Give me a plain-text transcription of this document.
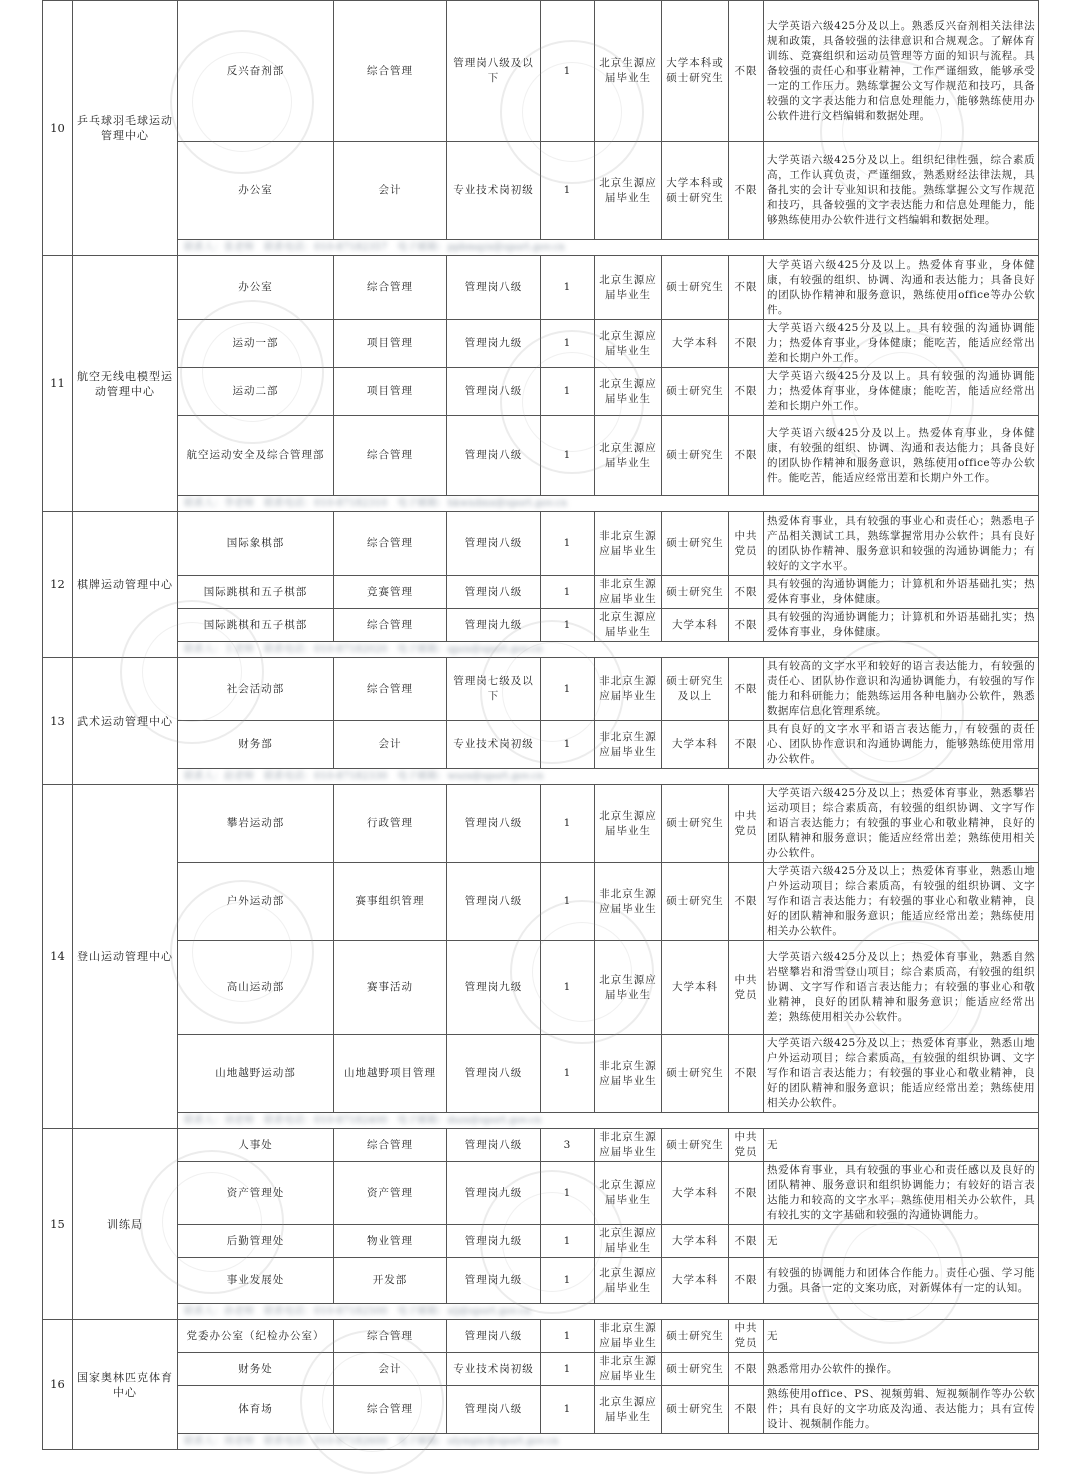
10	乒乓球羽毛球运动管理中心	反兴奋剂部	综合管理	管理岗八级及以下	1	北京生源应届毕业生	大学本科或硕士研究生	不限	大学英语六级425分及以上。熟悉反兴奋剂相关法律法规和政策，具备较强的法律意识和合规观念。了解体育训练、竞赛组织和运动员管理等方面的知识与流程。具备较强的责任心和事业精神，工作严谨细致，能够承受一定的工作压力。熟练掌握公文写作规范和技巧，具备较强的文字表达能力和信息处理能力，能够熟练使用办公软件进行文档编辑和数据处理。
		办公室	会计	专业技术岗初级	1	北京生源应届毕业生	大学本科或硕士研究生	不限	大学英语六级425分及以上。组织纪律性强，综合素质高，工作认真负责，严谨细致，熟悉财经法律法规，具备扎实的会计专业知识和技能。熟练掌握公文写作规范和技巧，具备较强的文字表达能力和信息处理能力，能够熟练使用办公软件进行文档编辑和数据处理。
		联系人：张老师　联系电话：010-87182357　电子邮箱：ppbmqzx@sport.gov.cn							
11	航空无线电模型运动管理中心	办公室	综合管理	管理岗八级	1	北京生源应届毕业生	硕士研究生	不限	大学英语六级425分及以上。热爱体育事业，身体健康，有较强的组织、协调、沟通和表达能力；具备良好的团队协作精神和服务意识，熟练使用office等办公软件。
		运动一部	项目管理	管理岗九级	1	北京生源应届毕业生	大学本科	不限	大学英语六级425分及以上。具有较强的沟通协调能力；热爱体育事业，身体健康；能吃苦，能适应经常出差和长期户外工作。
		运动二部	项目管理	管理岗八级	1	北京生源应届毕业生	硕士研究生	不限	大学英语六级425分及以上。具有较强的沟通协调能力；热爱体育事业，身体健康；能吃苦，能适应经常出差和长期户外工作。
		航空运动安全及综合管理部	综合管理	管理岗八级	1	北京生源应届毕业生	硕士研究生	不限	大学英语六级425分及以上。热爱体育事业，身体健康，有较强的组织、协调、沟通和表达能力；具备良好的团队协作精神和服务意识，熟练使用office等办公软件。能吃苦，能适应经常出差和长期户外工作。
		联系人：李老师　联系电话：010-87182310　电子邮箱：hkwxdmx@sport.gov.cn							
12	棋牌运动管理中心	国际象棋部	综合管理	管理岗八级	1	非北京生源应届毕业生	硕士研究生	中共党员	热爱体育事业，具有较强的事业心和责任心；熟悉电子产品相关测试工具，熟练掌握常用办公软件；具有良好的团队协作精神、服务意识和较强的沟通协调能力；有较好的文字水平。
		国际跳棋和五子棋部	竞赛管理	管理岗八级	1	非北京生源应届毕业生	硕士研究生	不限	具有较强的沟通协调能力；计算机和外语基础扎实；热爱体育事业，身体健康。
		国际跳棋和五子棋部	综合管理	管理岗九级	1	北京生源应届毕业生	大学本科	不限	具有较强的沟通协调能力；计算机和外语基础扎实；热爱体育事业，身体健康。
		联系人：王老师　联系电话：010-87182020　电子邮箱：qpzx@sport.gov.cn							
13	武术运动管理中心	社会活动部	综合管理	管理岗七级及以下	1	非北京生源应届毕业生	硕士研究生及以上	不限	具有较高的文字水平和较好的语言表达能力，有较强的责任心、团队协作意识和沟通协调能力，有较强的写作能力和科研能力；能熟练运用各种电脑办公软件，熟悉数据库信息化管理系统。
		财务部	会计	专业技术岗初级	1	非北京生源应届毕业生	大学本科	不限	具有良好的文字水平和语言表达能力，有较强的责任心、团队协作意识和沟通协调能力，能够熟练使用常用办公软件。
		联系人：赵老师　联系电话：010-87182330　电子邮箱：wszx@sport.gov.cn							
14	登山运动管理中心	攀岩运动部	行政管理	管理岗八级	1	北京生源应届毕业生	硕士研究生	中共党员	大学英语六级425分及以上；热爱体育事业，熟悉攀岩运动项目；综合素质高，有较强的组织协调、文字写作和语言表达能力；有较强的事业心和敬业精神，良好的团队精神和服务意识；能适应经常出差；熟练使用相关办公软件。
		户外运动部	赛事组织管理	管理岗八级	1	非北京生源应届毕业生	硕士研究生	不限	大学英语六级425分及以上；热爱体育事业，熟悉山地户外运动项目；综合素质高，有较强的组织协调、文字写作和语言表达能力；有较强的事业心和敬业精神，良好的团队精神和服务意识；能适应经常出差；熟练使用相关办公软件。
		高山运动部	赛事活动	管理岗九级	1	北京生源应届毕业生	大学本科	中共党员	大学英语六级425分及以上；热爱体育事业，熟悉自然岩壁攀岩和滑雪登山项目；综合素质高，有较强的组织协调、文字写作和语言表达能力；有较强的事业心和敬业精神，良好的团队精神和服务意识；能适应经常出差；熟练使用相关办公软件。
		山地越野运动部	山地越野项目管理	管理岗八级	1	非北京生源应届毕业生	硕士研究生	不限	大学英语六级425分及以上；热爱体育事业，熟悉山地户外运动项目；综合素质高，有较强的组织协调、文字写作和语言表达能力；有较强的事业心和敬业精神，良好的团队精神和服务意识；能适应经常出差；熟练使用相关办公软件。
		联系人：刘老师　联系电话：010-87182400　电子邮箱：dszx@sport.gov.cn							
15	训练局	人事处	综合管理	管理岗八级	3	非北京生源应届毕业生	硕士研究生	中共党员	无
		资产管理处	资产管理	管理岗九级	1	北京生源应届毕业生	大学本科	不限	热爱体育事业，具有较强的事业心和责任感以及良好的团队精神、服务意识和组织协调能力；有较好的语言表达能力和较高的文字水平；熟练使用相关办公软件，具有较扎实的文字基础和较强的沟通协调能力。
		后勤管理处	物业管理	管理岗九级	1	北京生源应届毕业生	大学本科	不限	无
		事业发展处	开发部	管理岗九级	1	北京生源应届毕业生	大学本科	不限	有较强的协调能力和团体合作能力。责任心强、学习能力强。具备一定的文案功底，对新媒体有一定的认知。
		联系人：孙老师　联系电话：010-87182500　电子邮箱：xlj@sport.gov.cn							
16	国家奥林匹克体育中心	党委办公室（纪检办公室）	综合管理	管理岗八级	1	非北京生源应届毕业生	硕士研究生	中共党员	无
		财务处	会计	专业技术岗初级	1	非北京生源应届毕业生	硕士研究生	不限	熟悉常用办公软件的操作。
		体育场	综合管理	管理岗八级	1	北京生源应届毕业生	硕士研究生	不限	熟练使用office、PS、视频剪辑、短视频制作等办公软件；具有良好的文字功底及沟通、表达能力；具有宣传设计、视频制作能力。
		联系人：周老师　联系电话：010-87182600　电子邮箱：olympic@sport.gov.cn							
